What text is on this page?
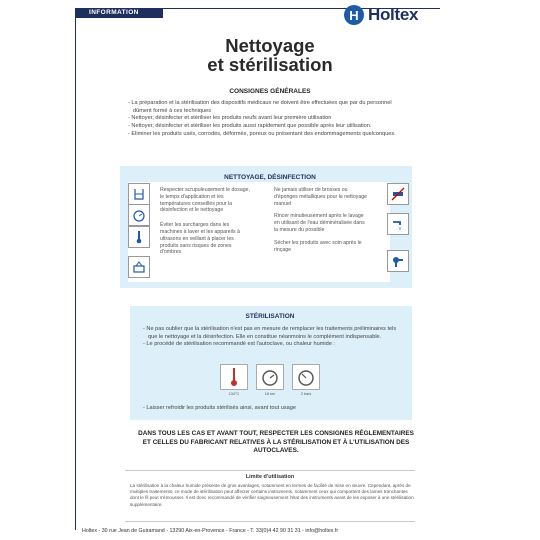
INFORMATION	H Holtex
Nettoyage
et stérilisation
CONSIGNES GÉNÉRALES
- La préparation et la stérilisation des dispositifs médicaux ne doivent être effectuées que par du personnel dûment formé à ces techniques
- Nettoyer, désinfecter et stériliser les produits neufs avant leur première utilisation
- Nettoyer, désinfecter et stériliser les produits aussi rapidement que possible après leur utilisation.
- Eliminer les produits usés, corrodés, déformés, poreux ou présentant des endommagements quelconques.
NETTOYAGE, DÉSINFECTION
Respecter scrupuleusement le dosage, le temps d'application et les températures conseillés pour la désinfection et le nettoyage
Éviter les surcharges dans les machines à laver et les appareils à ultrasons en veillant à placer les produits sans risques de zones d'ombres
Ne jamais utiliser de brosses ou d'éponges métalliques pour le nettoyage manuel
Rincer minutieusement après le lavage en utilisant de l'eau déminéralisée dans la mesure du possible
Sécher les produits avec soin après le rinçage
STÉRILISATION
- Ne pas oublier que la stérilisation n'est pas en mesure de remplacer les traitements préliminaires tels que le nettoyage et la désinfection. Elle en constitue néanmoins le complément indispensable.
- Le procédé de stérilisation recommandé est l'autoclave, ou chaleur humide :
134°C	18 mn	2 bars
- Laisser refroidir les produits stérilisés ainsi, avant tout usage
DANS TOUS LES CAS ET AVANT TOUT, RESPECTER LES CONSIGNES RÉGLEMENTAIRES ET CELLES DU FABRICANT RELATIVES À LA STÉRILISATION ET À L'UTILISATION DES AUTOCLAVES.
Limite d'utilisation
La stérilisation à la chaleur humide présente de gros avantages, notamment en termes de facilité de mise en œuvre. Cependant, après de multiples traitements, ce mode de stérilisation peut affecter certains instruments, notamment ceux qui comportent des lames tranchantes dont le fil peut s'émousser. Il est donc recommandé de vérifier soigneusement l'état des instruments avant de les exposer à une stérilisation supplémentaire.
Holtex - 30 rue Jean de Guiramand - 13290 Aix-en-Provence - France - T. 33(0)4 42 90 31 31 - info@holtex.fr
